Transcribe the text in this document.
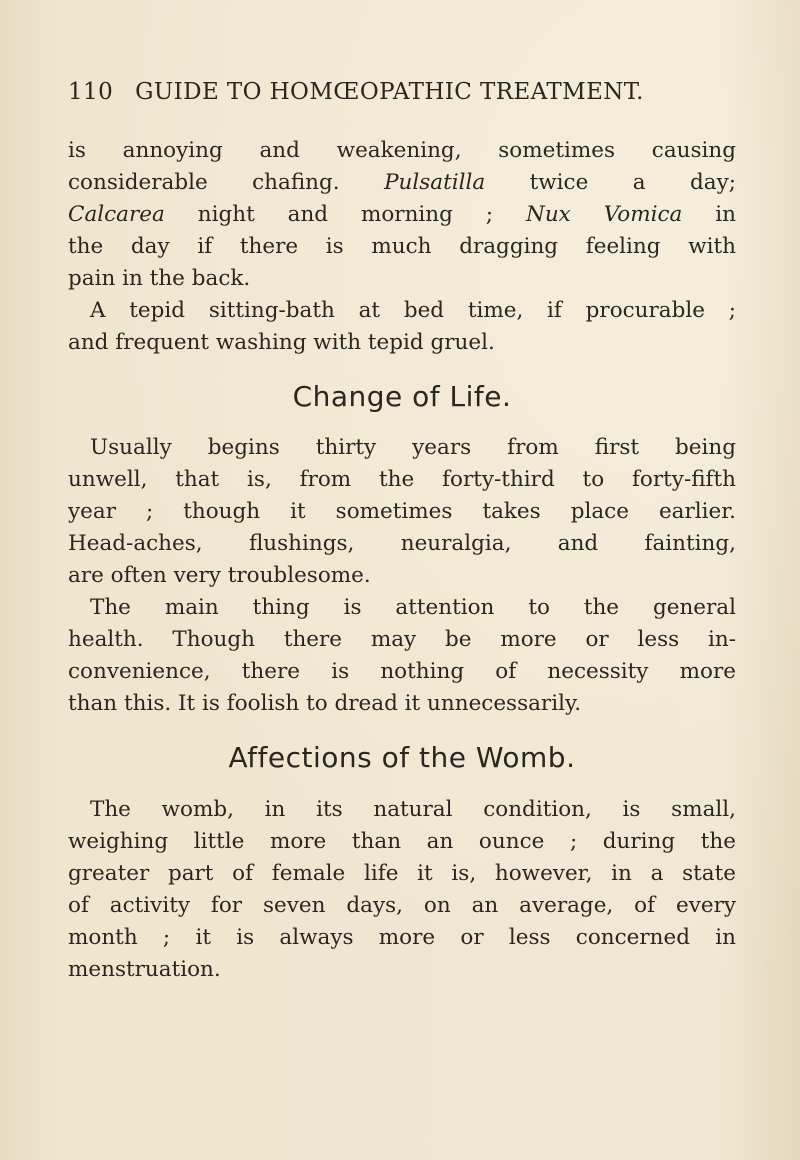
110 GUIDE TO HOMŒOPATHIC TREATMENT.
is annoying and weakening, sometimes causing
considerable chafing. Pulsatilla twice a day;
Calcarea night and morning ; Nux Vomica in
the day if there is much dragging feeling with
pain in the back.
A tepid sitting-bath at bed time, if procurable ;
and frequent washing with tepid gruel.
Change of Life.
Usually begins thirty years from first being
unwell, that is, from the forty-third to forty-fifth
year ; though it sometimes takes place earlier.
Head-aches, flushings, neuralgia, and fainting,
are often very troublesome.
The main thing is attention to the general
health. Though there may be more or less in-
convenience, there is nothing of necessity more
than this. It is foolish to dread it unnecessarily.
Affections of the Womb.
The womb, in its natural condition, is small,
weighing little more than an ounce ; during the
greater part of female life it is, however, in a state
of activity for seven days, on an average, of every
month ; it is always more or less concerned in
menstruation.
